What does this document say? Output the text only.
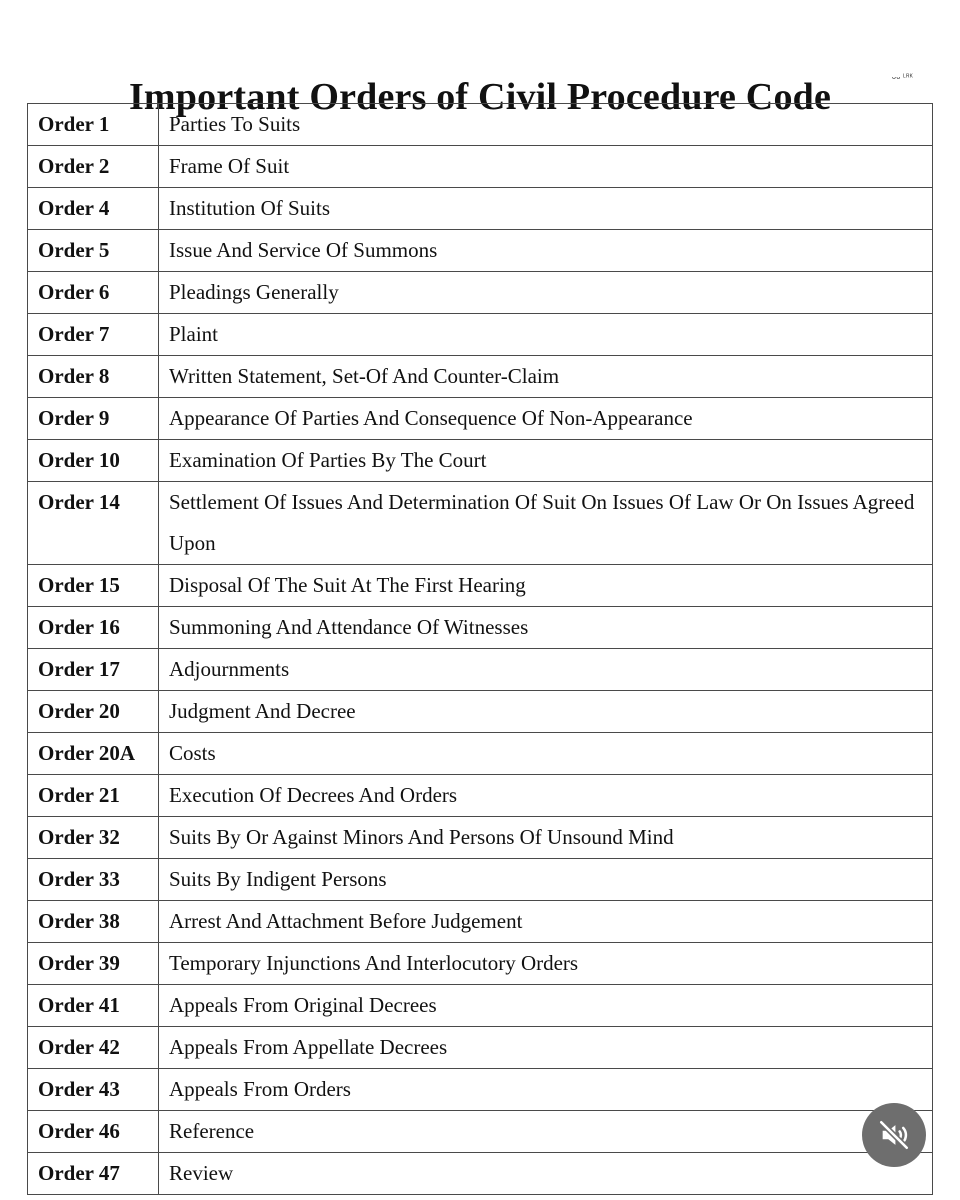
Important Orders of Civil Procedure Code	ᴗᴗ ᴸᴿᴷ
Order 1	Parties To Suits
Order 2	Frame Of Suit
Order 4	Institution Of Suits
Order 5	Issue And Service Of Summons
Order 6	Pleadings Generally
Order 7	Plaint
Order 8	Written Statement, Set-Of And Counter-Claim
Order 9	Appearance Of Parties And Consequence Of Non-Appearance
Order 10	Examination Of Parties By The Court
Order 14	Settlement Of Issues And Determination Of Suit On Issues Of Law Or On Issues Agreed Upon
Order 15	Disposal Of The Suit At The First Hearing
Order 16	Summoning And Attendance Of Witnesses
Order 17	Adjournments
Order 20	Judgment And Decree
Order 20A	Costs
Order 21	Execution Of Decrees And Orders
Order 32	Suits By Or Against Minors And Persons Of Unsound Mind
Order 33	Suits By Indigent Persons
Order 38	Arrest And Attachment Before Judgement
Order 39	Temporary Injunctions And Interlocutory Orders
Order 41	Appeals From Original Decrees
Order 42	Appeals From Appellate Decrees
Order 43	Appeals From Orders
Order 46	Reference
Order 47	Review
